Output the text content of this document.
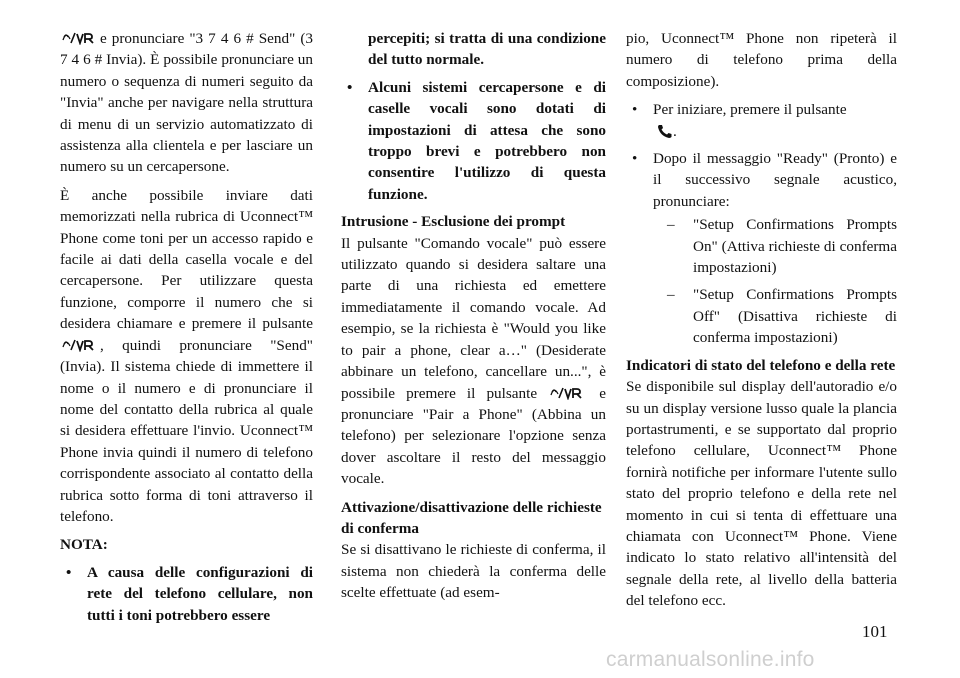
e pronunciare "3 7 4 6 # Send" (3 7 4 6 # Invia). È possibile pronunciare un numero o sequenza di numeri seguito da "Invia" anche per navigare nella struttura di menu di un servizio automatizzato di assistenza alla clientela e per lasciare un numero su un cercapersone.

È anche possibile inviare dati memorizzati nella rubrica di Uconnect™ Phone come toni per un accesso rapido e facile ai dati della casella vocale e del cercapersone. Per utilizzare questa funzione, comporre il numero che si desidera chiamare e premere il pulsante , quindi pronunciare "Send" (Invia). Il sistema chiede di immettere il nome o il numero e di pronunciare il nome del contatto della rubrica al quale si desidera effettuare l'invio. Uconnect™ Phone invia quindi il numero di telefono corrispondente associato al contatto della rubrica sotto forma di toni attraverso il telefono.

NOTA:

• A causa delle configurazioni di rete del telefono cellulare, non tutti i toni potrebbero essere

percepiti; si tratta di una condizione del tutto normale.

• Alcuni sistemi cercapersone e di caselle vocali sono dotati di impostazioni di attesa che sono troppo brevi e potrebbero non consentire l'utilizzo di questa funzione.

Intrusione - Esclusione dei prompt

Il pulsante "Comando vocale" può essere utilizzato quando si desidera saltare una parte di una richiesta ed emettere immediatamente il comando vocale. Ad esempio, se la richiesta è "Would you like to pair a phone, clear a…" (Desiderate abbinare un telefono, cancellare un...", è possibile premere il pulsante	e pronunciare "Pair a Phone" (Abbina un telefono) per selezionare l'opzione senza dover ascoltare il resto del messaggio vocale.

Attivazione/disattivazione delle richieste di conferma

Se si disattivano le richieste di conferma, il sistema non chiederà la conferma delle scelte effettuate (ad esem-

pio, Uconnect™ Phone non ripeterà il numero di telefono prima della composizione).

• Per iniziare, premere il pulsante
.
• Dopo il messaggio "Ready" (Pronto) e il successivo segnale acustico, pronunciare:
– "Setup Confirmations Prompts On" (Attiva richieste di conferma impostazioni)
– "Setup Confirmations Prompts Off" (Disattiva richieste di conferma impostazioni)

Indicatori di stato del telefono e della rete

Se disponibile sul display dell'autoradio e/o su un display versione lusso quale la plancia portastrumenti, e se supportato dal proprio telefono cellulare, Uconnect™ Phone fornirà notifiche per informare l'utente sullo stato del proprio telefono e della rete nel momento in cui si tenta di effettuare una chiamata con Uconnect™ Phone. Viene indicato lo stato relativo all'intensità del segnale della rete, al livello della batteria del telefono ecc.

101
carmanualsonline.info
